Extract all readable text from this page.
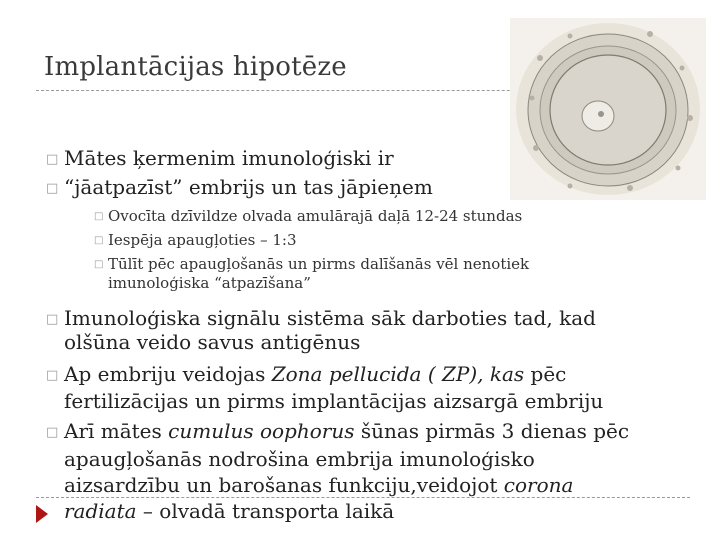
Implantācijas hipotēze
□ Mātes ķermenim imunoloģiski ir
□ “jāatpazīst” embrijs un tas jāpieņem
□ Ovocīta dzīvildze olvada amulārajā daļā 12-24 stundas
□ Iespēja apaugļoties – 1:3
□ Tūlīt pēc apaugļošanās un pirms dalīšanās vēl nenotiek
imunoloģiska “atpazīšana”
□ Imunoloģiska signālu sistēma sāk darboties tad, kad
olšūna veido savus antigēnus
□ Ap embriju veidojas Zona pellucida ( ZP), kas pēc
fertilizācijas un pirms implantācijas aizsargā embriju
□ Arī mātes cumulus oophorus šūnas pirmās 3 dienas pēc
apaugļošanās nodrošina embrija imunoloģisko
aizsardzību un barošanas funkciju,veidojot corona
radiata – olvadā transporta laikā
